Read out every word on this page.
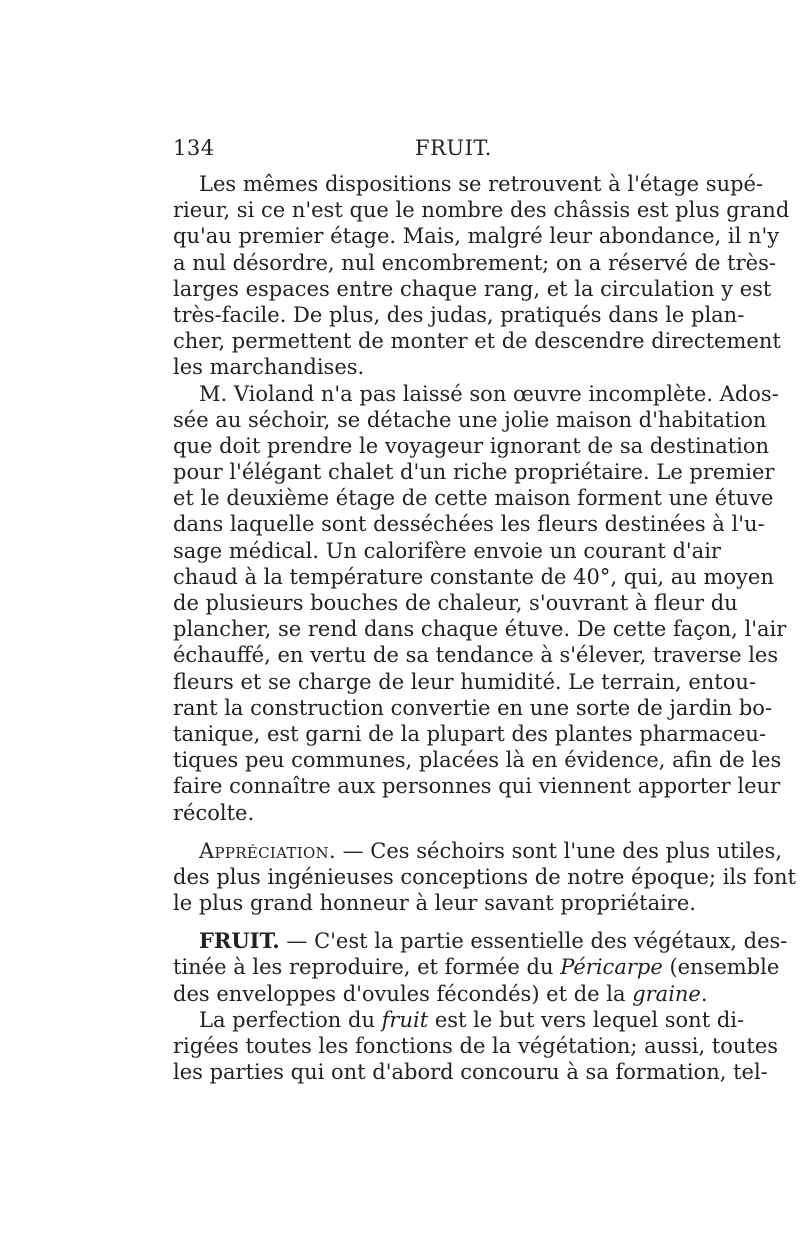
134	FRUIT.
Les mêmes dispositions se retrouvent à l'étage supé-
rieur, si ce n'est que le nombre des châssis est plus grand
qu'au premier étage. Mais, malgré leur abondance, il n'y
a nul désordre, nul encombrement; on a réservé de très-
larges espaces entre chaque rang, et la circulation y est
très-facile. De plus, des judas, pratiqués dans le plan-
cher, permettent de monter et de descendre directement
les marchandises.
M. Violand n'a pas laissé son œuvre incomplète. Ados-
sée au séchoir, se détache une jolie maison d'habitation
que doit prendre le voyageur ignorant de sa destination
pour l'élégant chalet d'un riche propriétaire. Le premier
et le deuxième étage de cette maison forment une étuve
dans laquelle sont desséchées les fleurs destinées à l'u-
sage médical. Un calorifère envoie un courant d'air
chaud à la température constante de 40°, qui, au moyen
de plusieurs bouches de chaleur, s'ouvrant à fleur du
plancher, se rend dans chaque étuve. De cette façon, l'air
échauffé, en vertu de sa tendance à s'élever, traverse les
fleurs et se charge de leur humidité. Le terrain, entou-
rant la construction convertie en une sorte de jardin bo-
tanique, est garni de la plupart des plantes pharmaceu-
tiques peu communes, placées là en évidence, afin de les
faire connaître aux personnes qui viennent apporter leur
récolte.
Appréciation. — Ces séchoirs sont l'une des plus utiles,
des plus ingénieuses conceptions de notre époque; ils font
le plus grand honneur à leur savant propriétaire.
FRUIT. — C'est la partie essentielle des végétaux, des-
tinée à les reproduire, et formée du Péricarpe (ensemble
des enveloppes d'ovules fécondés) et de la graine.
La perfection du fruit est le but vers lequel sont di-
rigées toutes les fonctions de la végétation; aussi, toutes
les parties qui ont d'abord concouru à sa formation, tel-
